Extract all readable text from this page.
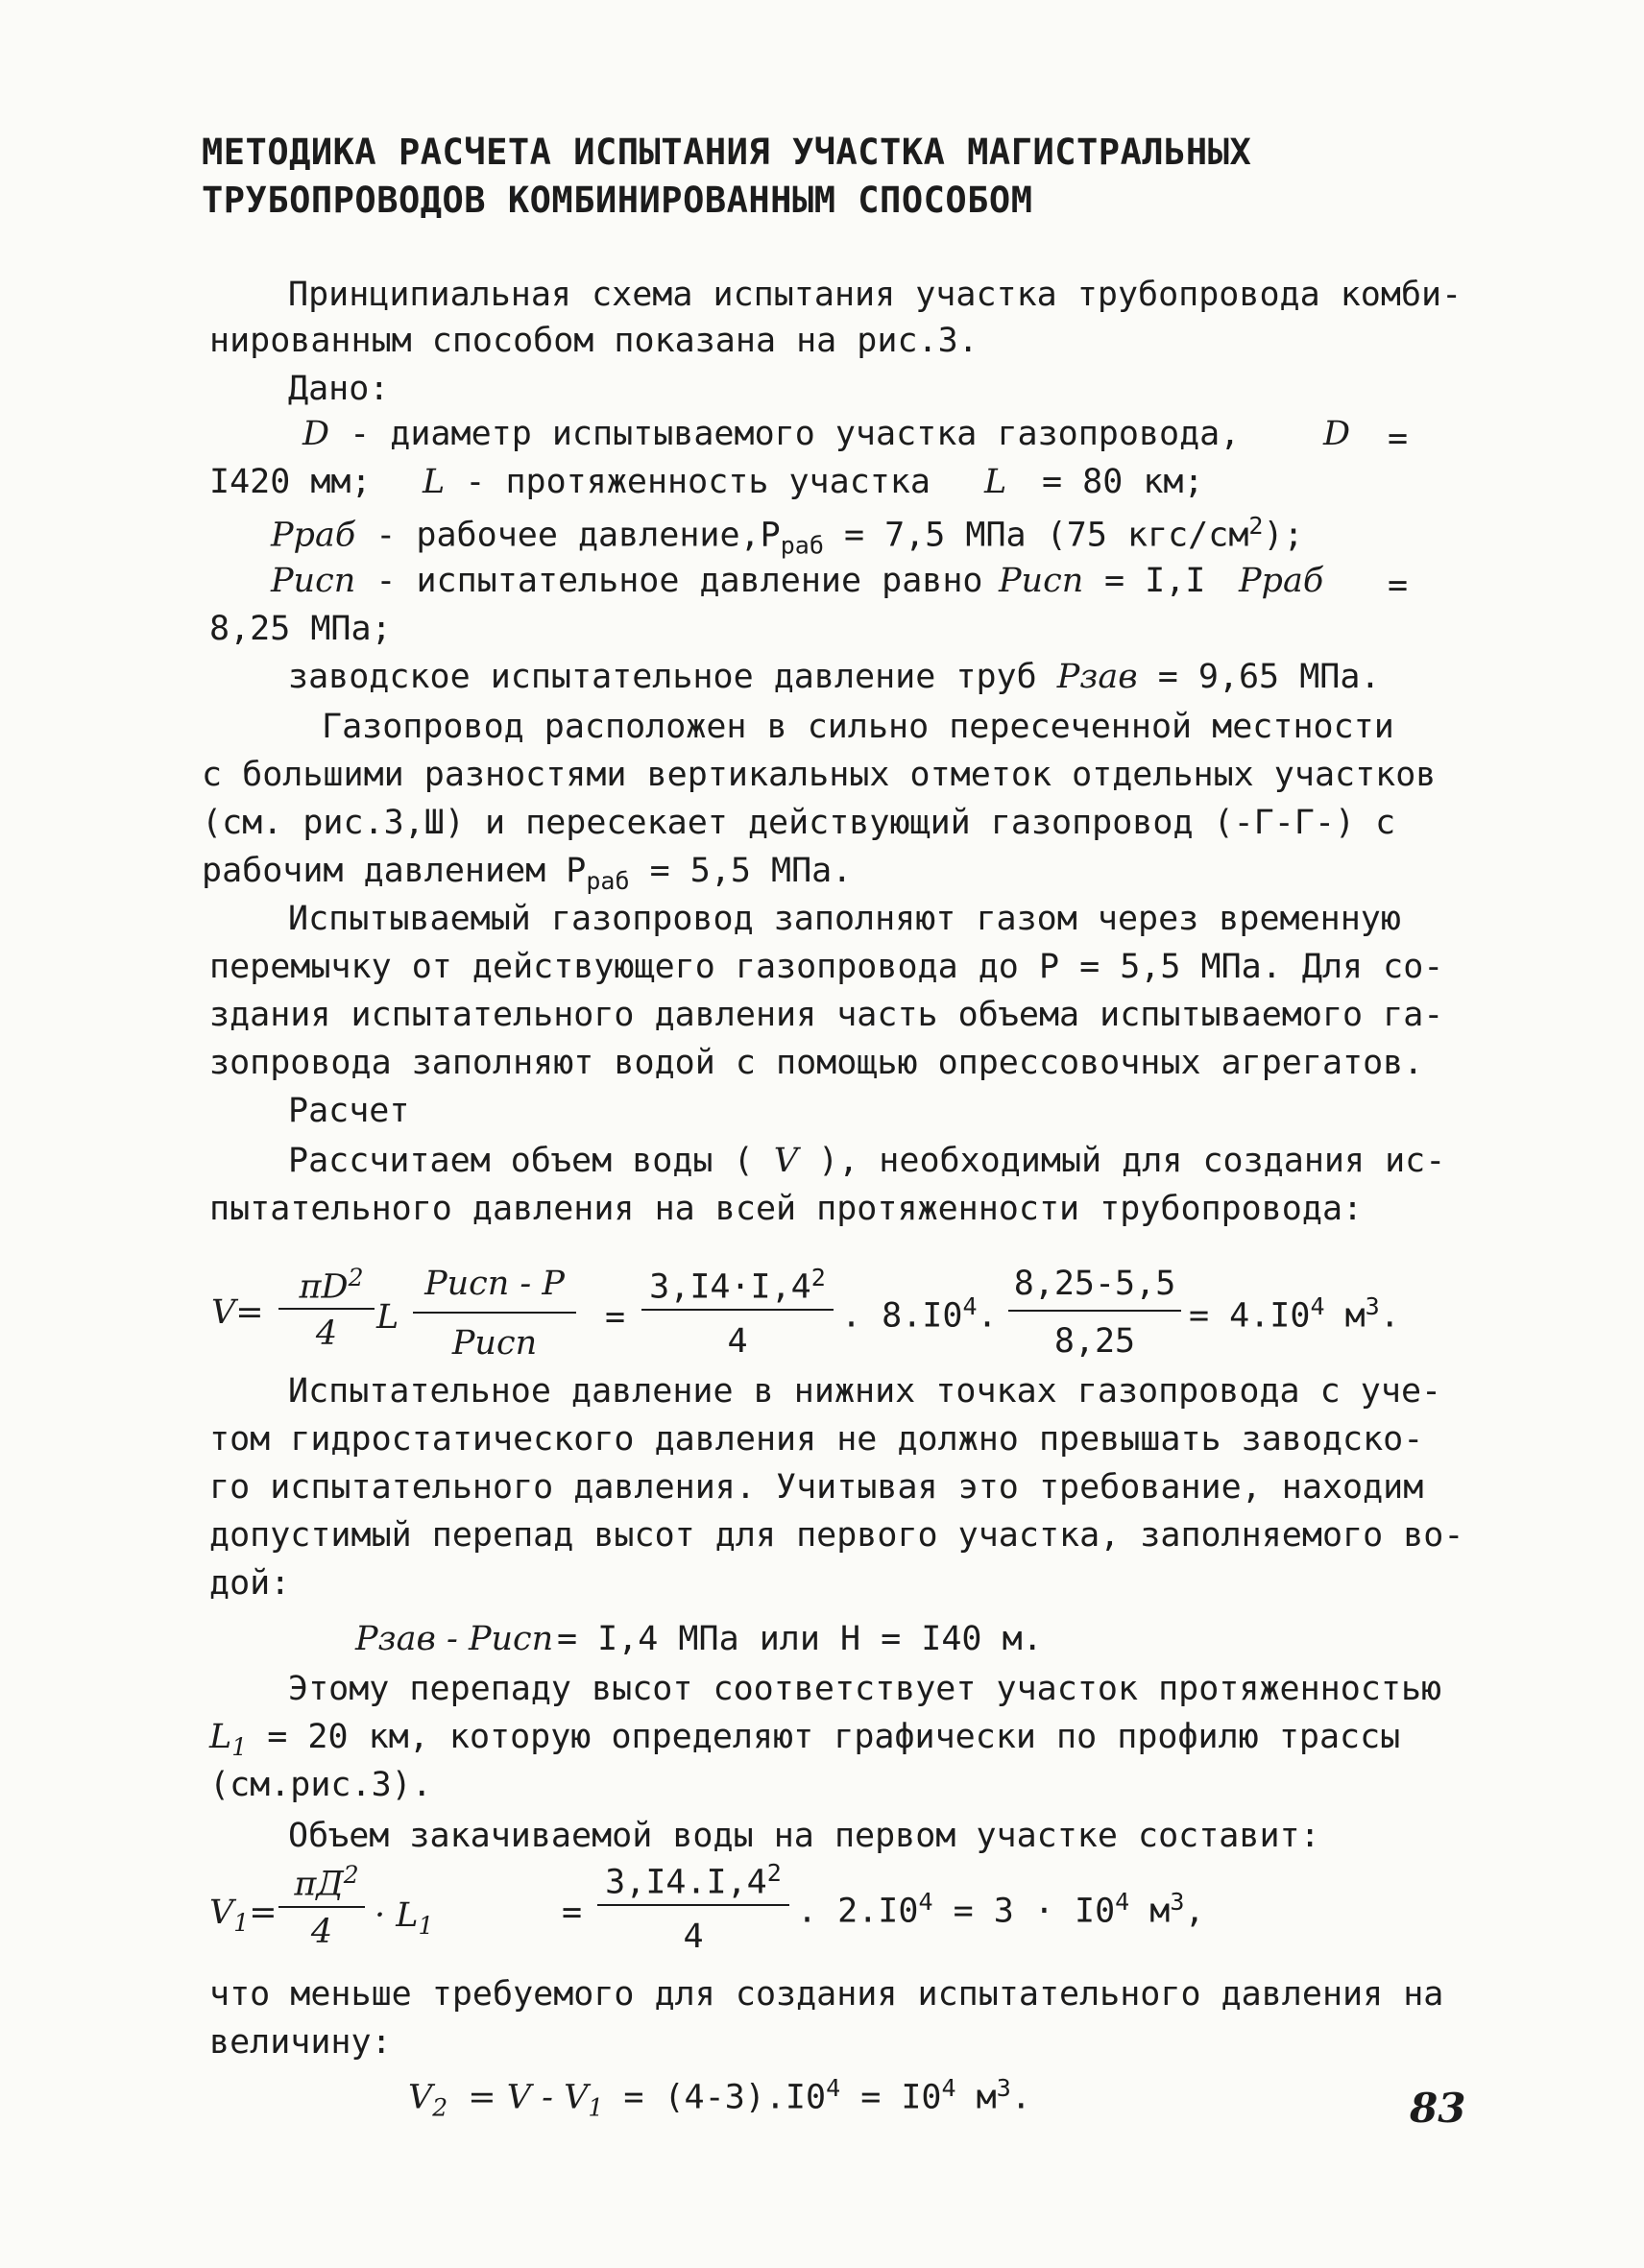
МЕТОДИКА РАСЧЕТА ИСПЫТАНИЯ УЧАСТКА МАГИСТРАЛЬНЫХ
ТРУБОПРОВОДОВ КОМБИНИРОВАННЫМ СПОСОБОМ
Принципиальная схема испытания участка трубопровода комби-
нированным способом показана на рис.3.
Дано:
D - диаметр испытываемого участка газопровода, D =
I420 мм; L - протяженность участка L = 80 км;
Pраб - рабочее $давление,P_{раб} = 7,5$ МПа (75 кгс/$см^2$);
Pисп - испытательное давление равно Pисп = I,I Pраб =
8,25 МПа;
заводское испытательное давление труб Pзав = 9,65 МПа.
Газопровод расположен в сильно пересеченной местности
с большими разностями вертикальных отметок отдельных участков
(см. рис.3,Ш) и пересекает действующий газопровод (-Г-Г-) с
рабочим давлением $Р_{раб} = 5,5$ МПа.
Испытываемый газопровод заполняют газом через временную
перемычку от действующего газопровода до Р = 5,5 МПа. Для со-
здания испытательного давления часть объема испытываемого га-
зопровода заполняют водой с помощью опрессовочных агрегатов.
Расчет
Рассчитаем объем воды ( V ), необходимый для создания ис-
пытательного давления на всей протяженности трубопровода:
V=
$\pi D^2$
4	L
Pисп - P
Pисп
=
$3,I4\cdot I,4^2$
4
. $8.I0^4$.
8,25-5,5
8,25
= $4.I0^4$ $м^3$.
Испытательное давление в нижних точках газопровода с уче-
том гидростатического давления не должно превышать заводско-
го испытательного давления. Учитывая это требование, находим
допустимый перепад высот для первого участка, заполняемого во-
дой:
Pзав - Pисп = I,4 МПа или Н = I40 м.
Этому перепаду высот соответствует участок протяженностью
$L_1 = 20$ км, которую определяют графически по профилю трассы
(см.рис.3).
Объем закачиваемой воды на первом участке составит:
$V_1=$
$\pi Д^2$
4	· $L_1$	=
$3,I4.I,4^2$
4
. $2.I0^4 = 3 \cdot I0^4$ $м^3$,
что меньше требуемого для создания испытательного давления на
величину:
$V_2 = V - V_1 = (4-3).I0^4 = I0^4$ $м^3$.	83
